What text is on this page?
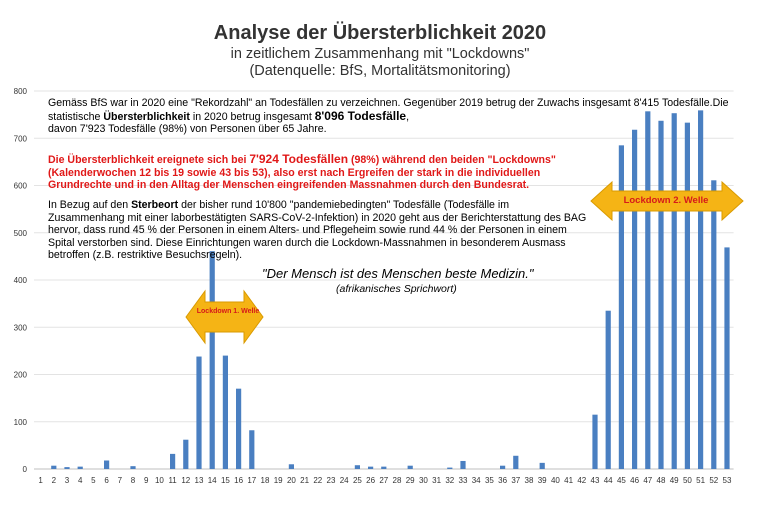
Analyse der Übersterblichkeit 2020
in zeitlichem Zusammenhang mit "Lockdowns"
(Datenquelle: BfS, Mortalitätsmonitoring)
0
100
200
300
400
500
600
700
800
1 2 3 4 5 6 7 8 9 10 11 12 13 14 15 16 17 18 19 20 21 22 23 24 25 26 27 28 29 30 31 32 33 34 35 36 37 38 39 40 41 42 43 44 45 46 47 48 49 50 51 52 53
Lockdown 1. Welle
Lockdown 2. Welle
Gemäss BfS war in 2020 eine "Rekordzahl" an Todesfällen zu verzeichnen. Gegenüber 2019 betrug der Zuwachs insgesamt 8'415 Todesfälle.Die statistische Übersterblichkeit in 2020 betrug insgesamt 8'096 Todesfälle,
davon 7'923 Todesfälle (98%) von Personen über 65 Jahre.
Die Übersterblichkeit ereignete sich bei 7'924 Todesfällen (98%) während den beiden "Lockdowns" (Kalenderwochen 12 bis 19 sowie 43 bis 53), also erst nach Ergreifen der stark in die individuellen Grundrechte und in den Alltag der Menschen eingreifenden Massnahmen durch den Bundesrat.
In Bezug auf den Sterbeort der bisher rund 10'800 "pandemiebedingten" Todesfälle (Todesfälle im Zusammenhang mit einer laborbestätigten SARS-CoV-2-Infektion) in 2020 geht aus der Berichterstattung des BAG hervor, dass rund 45 % der Personen in einem Alters- und Pflegeheim sowie rund 44 % der Personen in einem Spital verstorben sind. Diese Einrichtungen waren durch die Lockdown-Massnahmen in besonderem Ausmass betroffen (z.B. restriktive Besuchsregeln).
"Der Mensch ist des Menschen beste Medizin."
(afrikanisches Sprichwort)
